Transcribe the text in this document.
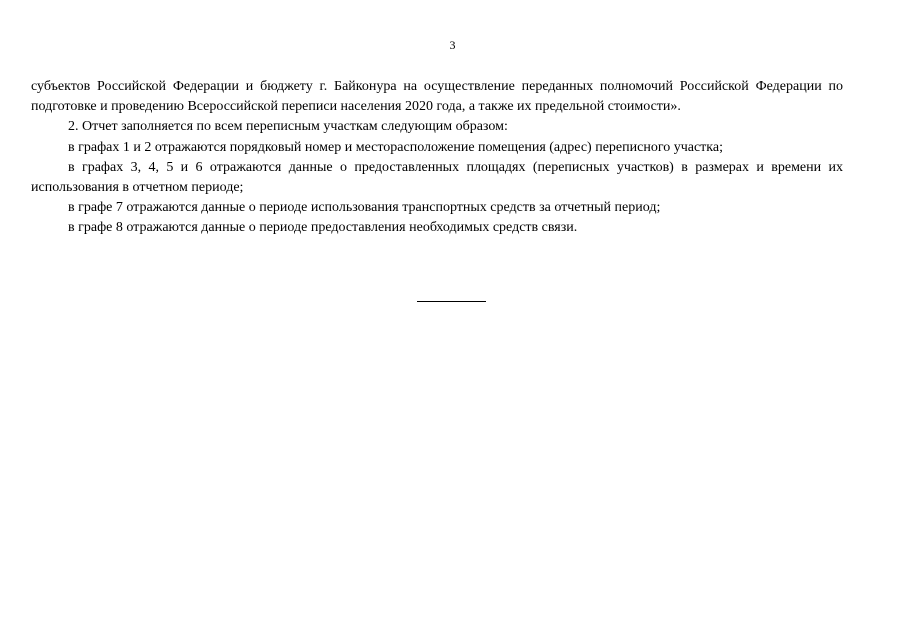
3

субъектов Российской Федерации и бюджету г. Байконура на осуществление переданных полномочий Российской Федерации по подготовке и проведению Всероссийской переписи населения 2020 года, а также их предельной стоимости».

2. Отчет заполняется по всем переписным участкам следующим образом:

в графах 1 и 2 отражаются порядковый номер и месторасположение помещения (адрес) переписного участка;

в графах 3, 4, 5 и 6 отражаются данные о предоставленных площадях (переписных участков) в размерах и времени их использования в отчетном периоде;

в графе 7 отражаются данные о периоде использования транспортных средств за отчетный период;

в графе 8 отражаются данные о периоде предоставления необходимых средств связи.
